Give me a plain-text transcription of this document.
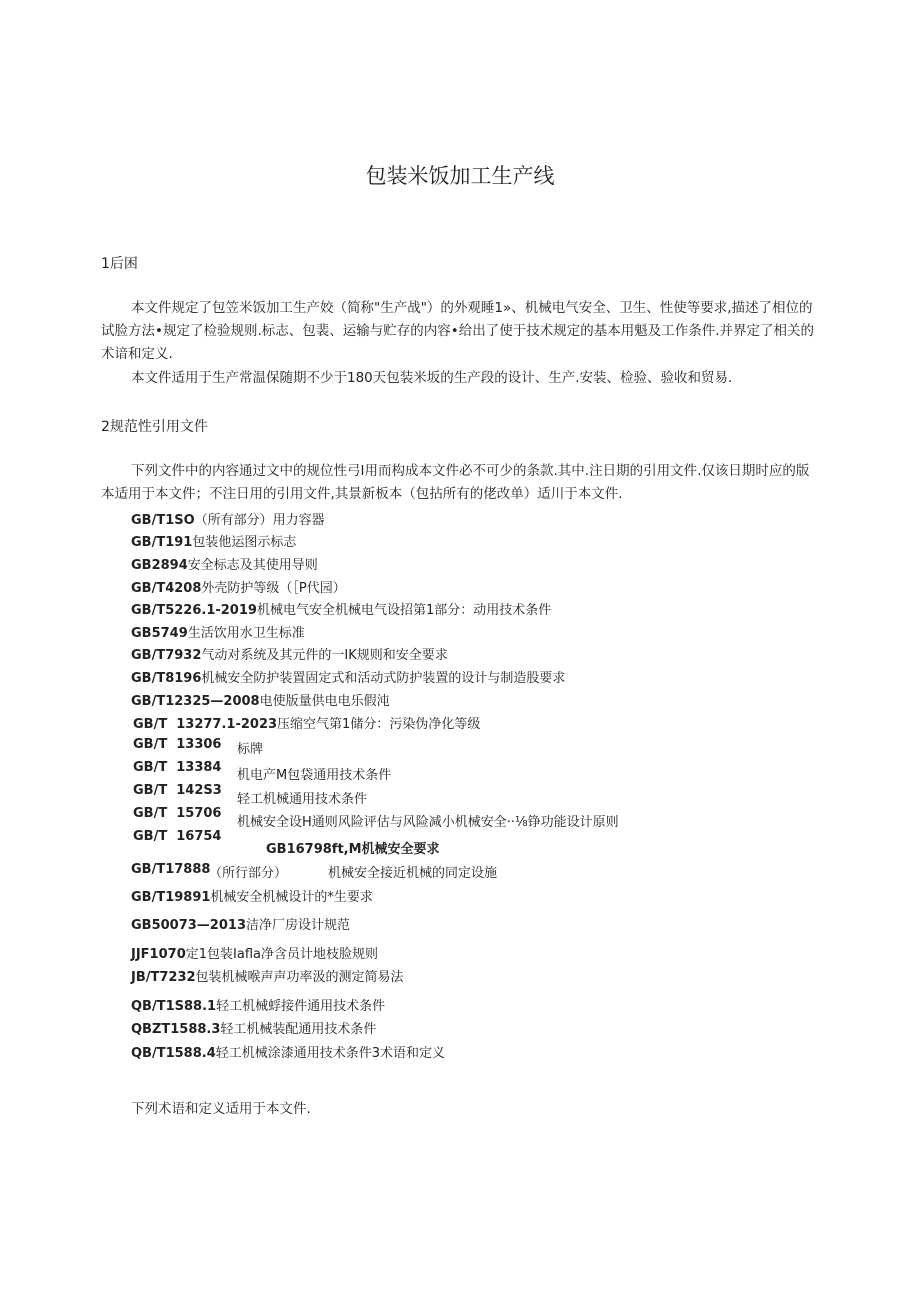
包装米饭加工生产线
1后困

本文件规定了包笠米饭加工生产姣（简称"生产战"）的外观睡1»、机械电气安全、卫生、性使等要求,描述了相位的试脸方法•规定了检验规则.标志、包裴、运输与贮存的内容•给出了使于技术规定的基本用魁及工作条件.并界定了相关的术谙和定义.

本文件适用于生产常温保随期不少于180天包装米坂的生产段的设计、生产.安装、检验、验收和贸易.

2规范性引用文件

下列文件中的内容通过文中的规位性弓I用而构成本文件必不可少的条款.其中.注日期的引用文件.仅该日期时应的版本适用于本文件；不注日用的引用文件,其景新板本（包拈所有的佬改单）适川于本文件.

GB/T1SO（所有部分）用力容器
GB/T191包装他运图示标志
GB2894安全标志及其使用导则
GB/T4208外壳防护等级（［P代园）
GB/T5226.1-2019机械电气安全机械电气设招第1部分：动用技术条件
GB5749生活饮用水卫生标准
GB/T7932气动对系统及其元件的一IK规则和安全要求
GB/T8196机械安全防护装置固定式和活动式防护装置的设计与制造股要求
GB/T12325—2008电使版量供电电乐假沌
GB/T  13277.1-2023压缩空气第1储分：污染伪净化等级
GB/T  13306 标牌
GB/T  13384
机电产M包袋通用技术条件
GB/T  142S3
轻工机械通用技术条件
GB/T  15706
机械安全设H通则风险评估与风险减小机械安全··⅛铮功能设计原则
GB/T  16754
GB16798ft,M机械安全要求
GB/T17888
（所行部分）	机械安全接近机械的同定设施
GB/T19891机械安全机械设计的*生要求
GB50073—2013洁净厂房设计规范
JJF1070定1包装Iafla净含员计地枝脸规则
JB/T7232包装机械喉声声功率汲的测定简易法
QB/T1S88.1轻工机械蜉接件通用技术条件
QBZT1588.3轻工机械装配通用技术条件
QB/T1588.4轻工机械涂漆通用技术条件3术语和定义
下列术语和定义适用于本文件.
